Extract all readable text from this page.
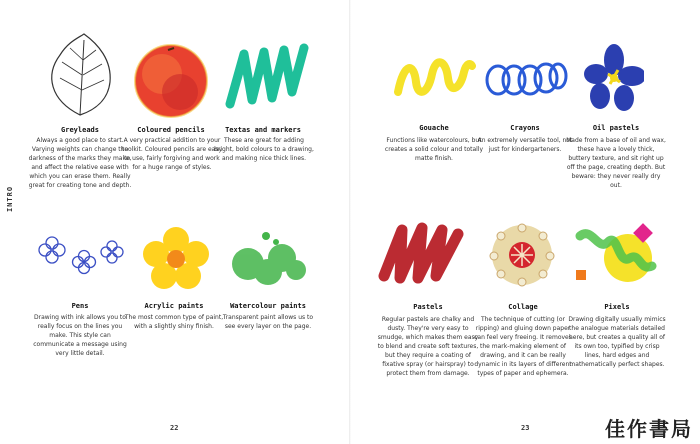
INTRO
Greyleads
Always a good place to start. Varying weights can change the darkness of the marks they make, and affect the relative ease with which you can erase them. Really great for creating tone and depth.
Coloured pencils
A very practical addition to your toolkit. Coloured pencils are easy to use, fairly forgiving and work for a huge range of styles.
Textas and markers
These are great for adding bright, bold colours to a drawing, and making nice thick lines.
Pens
Drawing with ink allows you to really focus on the lines you make. This style can communicate a message using very little detail.
Acrylic paints
The most common type of paint, with a slightly shiny finish.
Watercolour paints
Transparent paint allows us to see every layer on the page.
Gouache
Functions like watercolours, but creates a solid colour and totally matte finish.
Crayons
An extremely versatile tool, not just for kindergarteners.
Oil pastels
Made from a base of oil and wax, these have a lovely thick, buttery texture, and sit right up off the page, creating depth. But beware: they never really dry out.
Pastels
Regular pastels are chalky and dusty. They're very easy to smudge, which makes them easy to blend and create soft textures, but they require a coating of fixative spray (or hairspray) to protect them from damage.
Collage
The technique of cutting (or ripping) and gluing down paper can feel very freeing. It removes the mark-making element of drawing, and it can be really dynamic in its layers of different types of paper and ephemera.
Pixels
Drawing digitally usually mimics the analogue materials detailed here, but creates a quality all of its own too, typified by crisp lines, hard edges and mathematically perfect shapes.
22	23	佳作書局
